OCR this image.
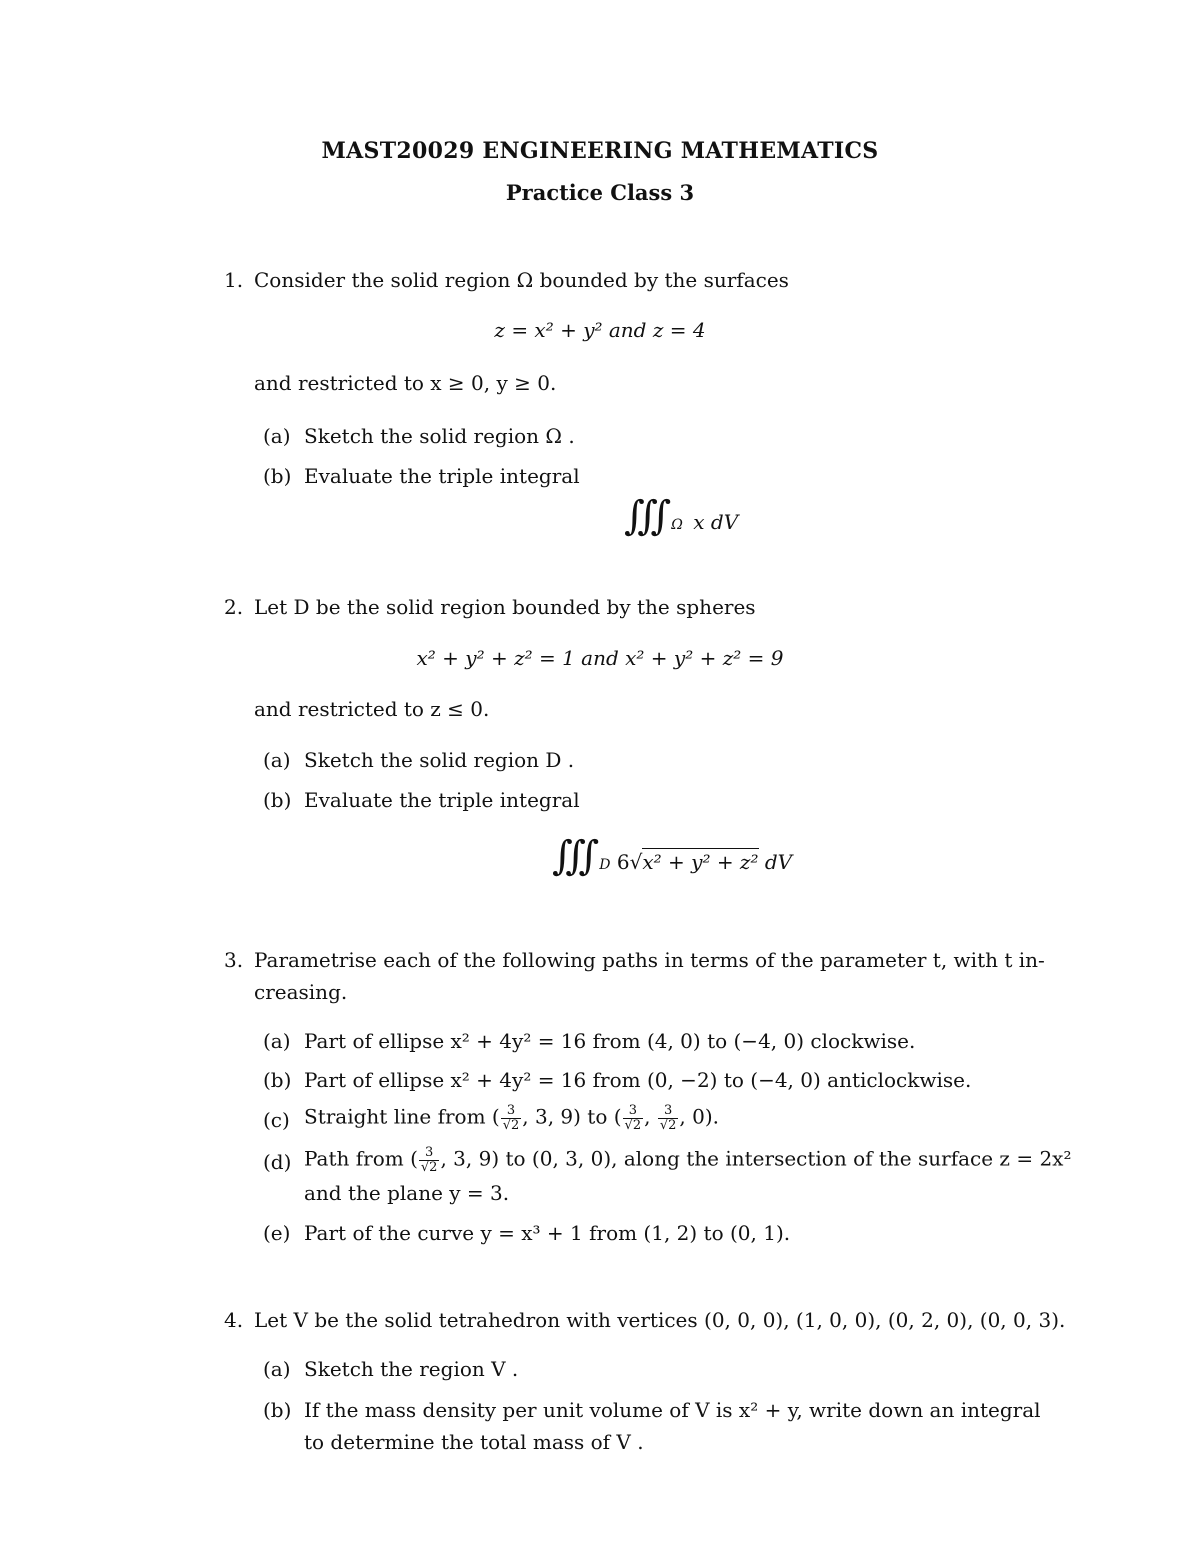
MAST20029 ENGINEERING MATHEMATICS
Practice Class 3
1. Consider the solid region Ω bounded by the surfaces
z = x² + y² and z = 4
and restricted to x ≥ 0, y ≥ 0.
(a) Sketch the solid region Ω .
(b) Evaluate the triple integral
∭Ω x dV
2. Let D be the solid region bounded by the spheres
x² + y² + z² = 1 and x² + y² + z² = 9
and restricted to z ≤ 0.
(a) Sketch the solid region D .
(b) Evaluate the triple integral
∭D 6√x² + y² + z² dV
3. Parametrise each of the following paths in terms of the parameter t, with t in-
creasing.
(a) Part of ellipse x² + 4y² = 16 from (4, 0) to (−4, 0) clockwise.
(b) Part of ellipse x² + 4y² = 16 from (0, −2) to (−4, 0) anticlockwise.
(c) Straight line from ( $\frac{3}{√2}$ , 3, 9) to ( $\frac{3}{√2}$ , $\frac{3}{√2}$ , 0).
(d) Path from ( $\frac{3}{√2}$ , 3, 9) to (0, 3, 0), along the intersection of the surface z = 2x²
and the plane y = 3.
(e) Part of the curve y = x³ + 1 from (1, 2) to (0, 1).
4. Let V be the solid tetrahedron with vertices (0, 0, 0), (1, 0, 0), (0, 2, 0), (0, 0, 3).
(a) Sketch the region V .
(b) If the mass density per unit volume of V is x² + y, write down an integral
to determine the total mass of V .
